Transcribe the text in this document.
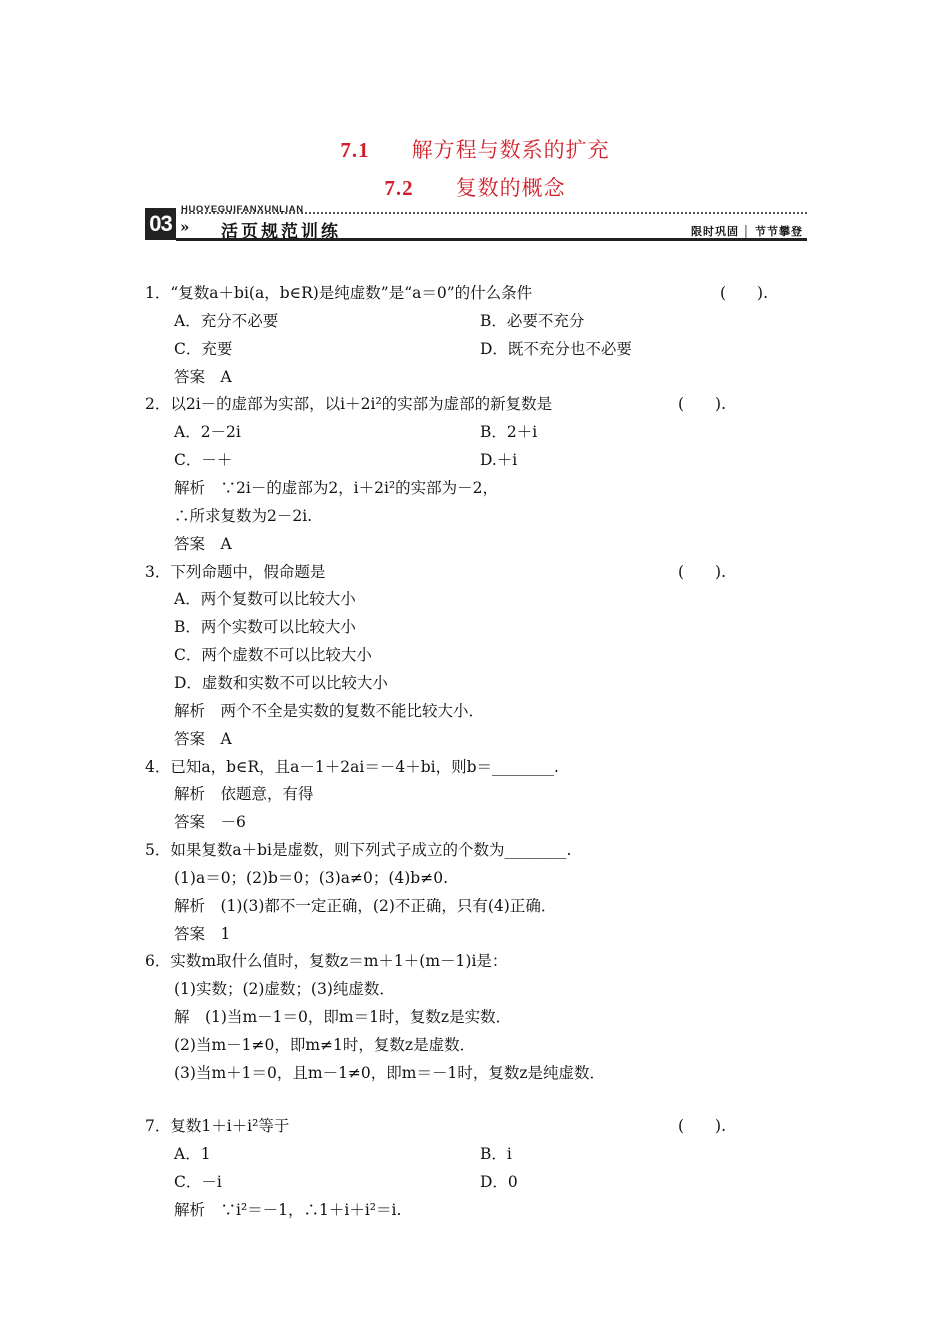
7.1 解方程与数系的扩充
7.2 复数的概念
HUOYEGUIFANXUNLIAN
03 » 活页规范训练	限时巩固 │ 节节攀登
1．“复数a＋bi(a，b∈R)是纯虚数”是“a＝0”的什么条件	(　　).
A．充分不必要	B．必要不充分
C．充要	D．既不充分也不必要
答案　A
2．以2i－的虚部为实部，以i＋2i²的实部为虚部的新复数是	(　　).
A．2－2i	B．2＋i
C．－＋	D.＋i
解析　∵2i－的虚部为2，i＋2i²的实部为－2，
∴所求复数为2－2i.
答案　A
3．下列命题中，假命题是	(　　).
A．两个复数可以比较大小
B．两个实数可以比较大小
C．两个虚数不可以比较大小
D．虚数和实数不可以比较大小
解析　两个不全是实数的复数不能比较大小．
答案　A
4．已知a，b∈R，且a－1＋2ai＝－4＋bi，则b＝________.
解析　依题意，有得
答案　－6
5．如果复数a＋bi是虚数，则下列式子成立的个数为________.
(1)a＝0；(2)b＝0；(3)a≠0；(4)b≠0.
解析　(1)(3)都不一定正确，(2)不正确，只有(4)正确．
答案　1
6．实数m取什么值时，复数z＝m＋1＋(m－1)i是：
(1)实数；(2)虚数；(3)纯虚数．
解　(1)当m－1＝0，即m＝1时，复数z是实数．
(2)当m－1≠0，即m≠1时，复数z是虚数．
(3)当m＋1＝0，且m－1≠0，即m＝－1时，复数z是纯虚数．
7．复数1＋i＋i²等于	(　　).
A．1	B．i
C．－i	D．0
解析　∵i²＝－1，∴1＋i＋i²＝i.
